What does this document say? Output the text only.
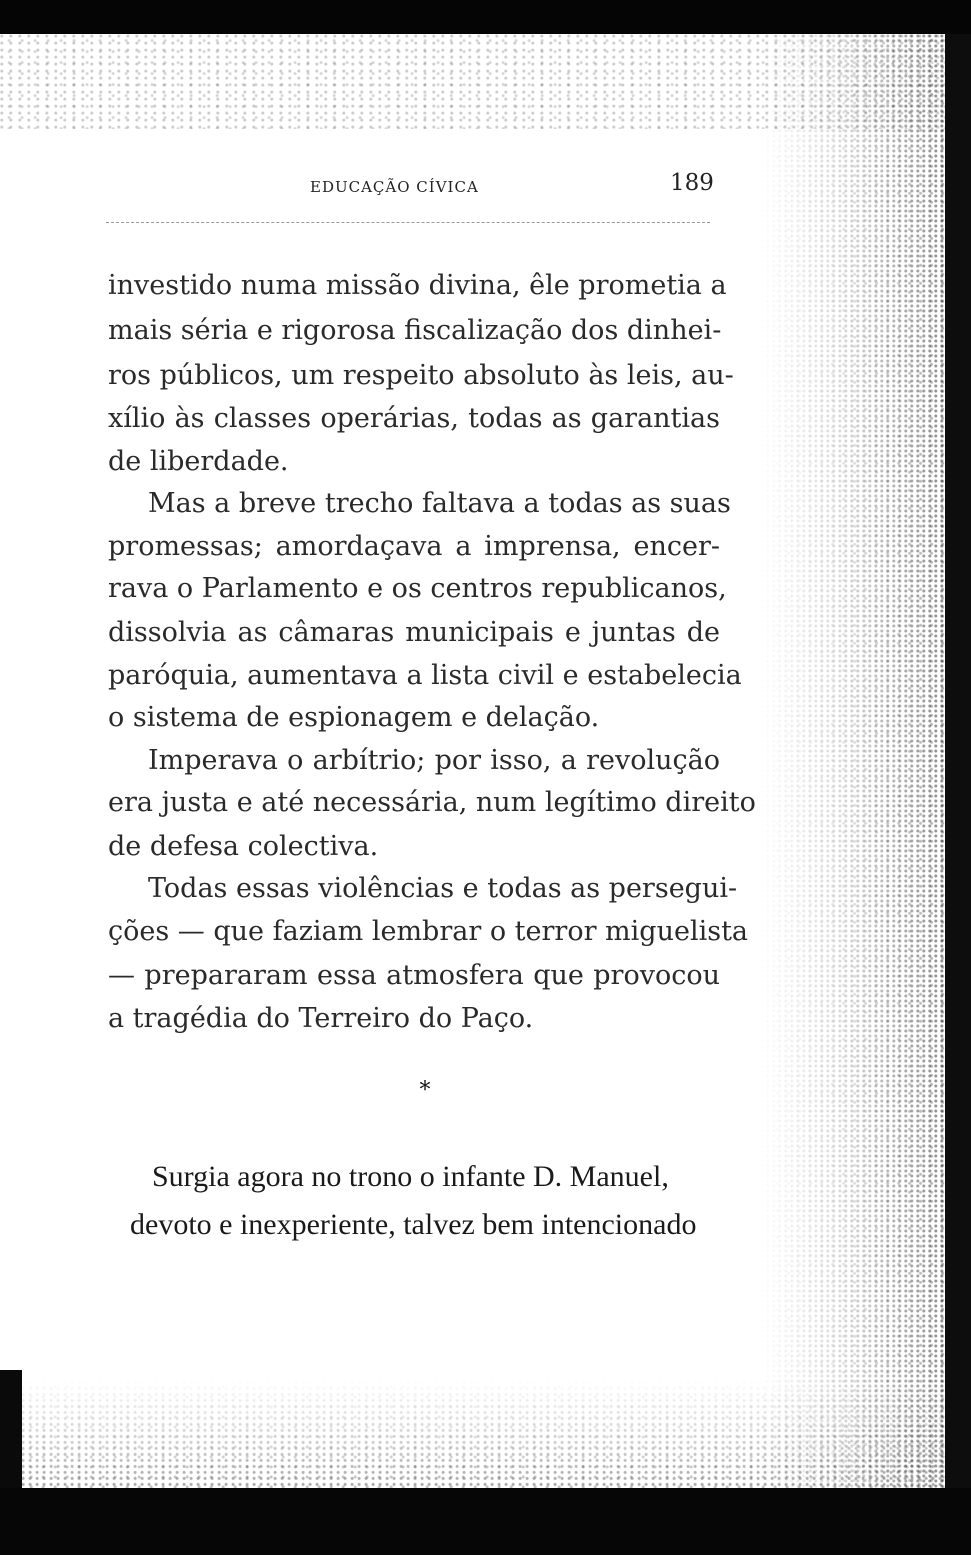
EDUCAÇÃO CÍVICA	189

investido numa missão divina, êle prometia a

mais séria e rigorosa fiscalização dos dinhei-

ros públicos, um respeito absoluto às leis, au-

xílio às classes operárias, todas as garantias

de liberdade.

Mas a breve trecho faltava a todas as suas

promessas; amordaçava a imprensa, encer-

rava o Parlamento e os centros republicanos,

dissolvia as câmaras municipais e juntas de

paróquia, aumentava a lista civil e estabelecia

o sistema de espionagem e delação.

Imperava o arbítrio; por isso, a revolução

era justa e até necessária, num legítimo direito

de defesa colectiva.

Todas essas violências e todas as persegui-

ções — que faziam lembrar o terror miguelista

— prepararam essa atmosfera que provocou

a tragédia do Terreiro do Paço.

*

Surgia agora no trono o infante D. Manuel,

devoto e inexperiente, talvez bem intencionado
